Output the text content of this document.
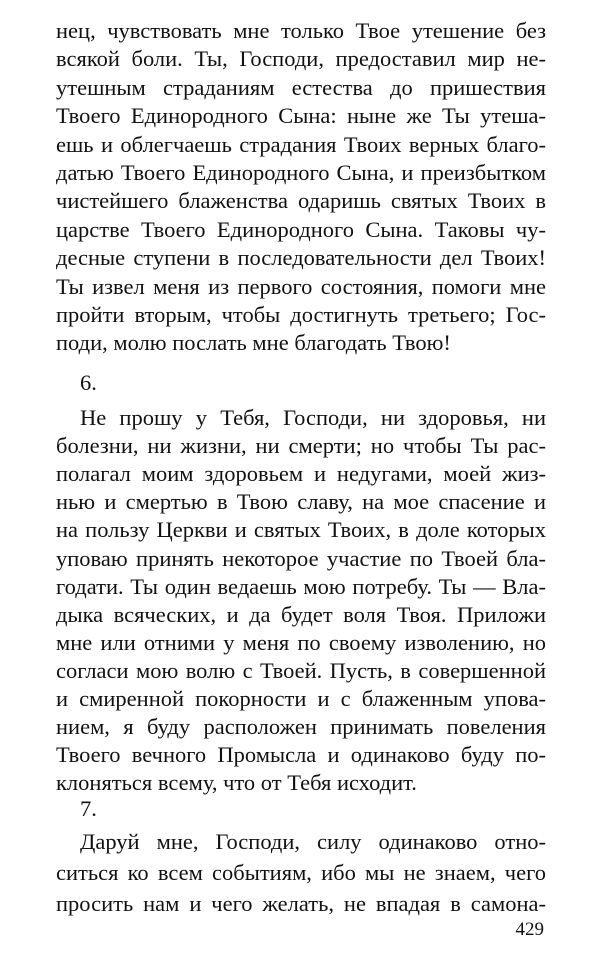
нец, чувствовать мне только Твое утешение без
всякой боли. Ты, Господи, предоставил мир не-
утешным страданиям естества до пришествия
Твоего Единородного Сына: ныне же Ты утеша-
ешь и облегчаешь страдания Твоих верных благо-
датью Твоего Единородного Сына, и преизбытком
чистейшего блаженства одаришь святых Твоих в
царстве Твоего Единородного Сына. Таковы чу-
десные ступени в последовательности дел Твоих!
Ты извел меня из первого состояния, помоги мне
пройти вторым, чтобы достигнуть третьего; Гос-
поди, молю послать мне благодать Твою!
6.
Не прошу у Тебя, Господи, ни здоровья, ни
болезни, ни жизни, ни смерти; но чтобы Ты рас-
полагал моим здоровьем и недугами, моей жиз-
нью и смертью в Твою славу, на мое спасение и
на пользу Церкви и святых Твоих, в доле которых
уповаю принять некоторое участие по Твоей бла-
годати. Ты один ведаешь мою потребу. Ты — Вла-
дыка всяческих, и да будет воля Твоя. Приложи
мне или отними у меня по своему изволению, но
согласи мою волю с Твоей. Пусть, в совершенной
и смиренной покорности и с блаженным упова-
нием, я буду расположен принимать повеления
Твоего вечного Промысла и одинаково буду по-
клоняться всему, что от Тебя исходит.
7.
Даруй мне, Господи, силу одинаково отно-
ситься ко всем событиям, ибо мы не знаем, чего
просить нам и чего желать, не впадая в самона-
429
